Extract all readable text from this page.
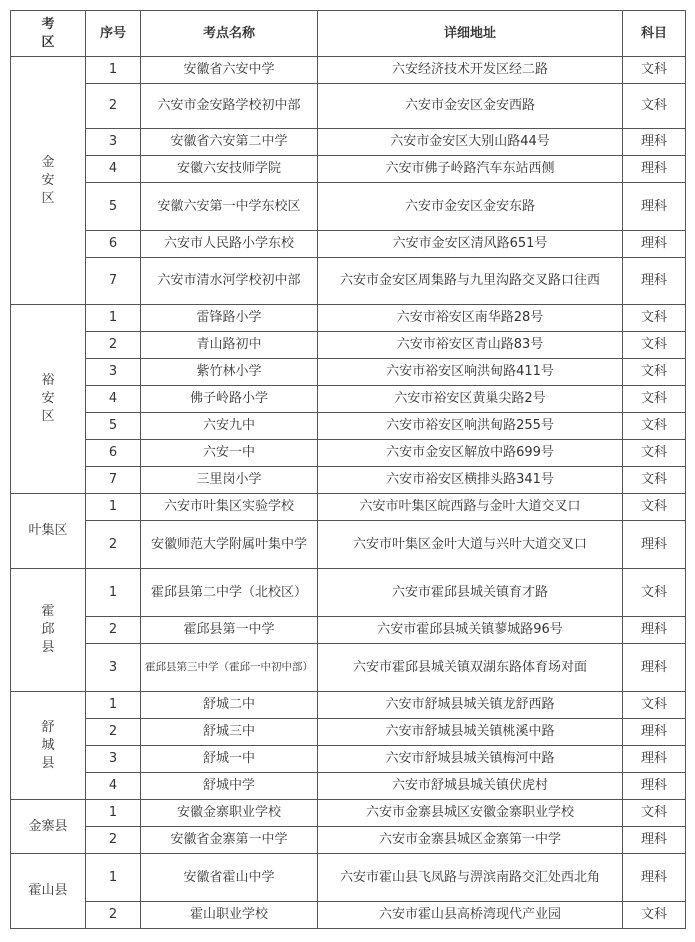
考
区	序号	考点名称	详细地址	科目
金
安
区	1	安徽省六安中学	六安经济技术开发区经二路	文科
	2	六安市金安路学校初中部	六安市金安区金安西路	文科
	3	安徽省六安第二中学	六安市金安区大别山路44号	理科
	4	安徽六安技师学院	六安市佛子岭路汽车东站西侧	理科
	5	安徽六安第一中学东校区	六安市金安区金安东路	理科
	6	六安市人民路小学东校	六安市金安区清风路651号	理科
	7	六安市清水河学校初中部	六安市金安区周集路与九里沟路交叉路口往西	理科
裕
安
区	1	雷锋路小学	六安市裕安区南华路28号	文科
	2	青山路初中	六安市裕安区青山路83号	文科
	3	紫竹林小学	六安市裕安区响洪甸路411号	文科
	4	佛子岭路小学	六安市裕安区黄巢尖路2号	文科
	5	六安九中	六安市裕安区响洪甸路255号	文科
	6	六安一中	六安市金安区解放中路699号	文科
	7	三里岗小学	六安市裕安区横排头路341号	文科
叶集区	1	六安市叶集区实验学校	六安市叶集区皖西路与金叶大道交叉口	文科
	2	安徽师范大学附属叶集中学	六安市叶集区金叶大道与兴叶大道交叉口	理科
霍
邱
县	1	霍邱县第二中学（北校区）	六安市霍邱县城关镇育才路	文科
	2	霍邱县第一中学	六安市霍邱县城关镇蓼城路96号	理科
	3	霍邱县第三中学（霍邱一中初中部）	六安市霍邱县城关镇双湖东路体育场对面	理科
舒
城
县	1	舒城二中	六安市舒城县城关镇龙舒西路	文科
	2	舒城三中	六安市舒城县城关镇桃溪中路	理科
	3	舒城一中	六安市舒城县城关镇梅河中路	理科
	4	舒城中学	六安市舒城县城关镇伏虎村	理科
金寨县	1	安徽金寨职业学校	六安市金寨县城区安徽金寨职业学校	文科
	2	安徽省金寨第一中学	六安市金寨县城区金寨第一中学	理科
霍山县	1	安徽省霍山中学	六安市霍山县飞凤路与淠滨南路交汇处西北角	理科
	2	霍山职业学校	六安市霍山县高桥湾现代产业园	文科
